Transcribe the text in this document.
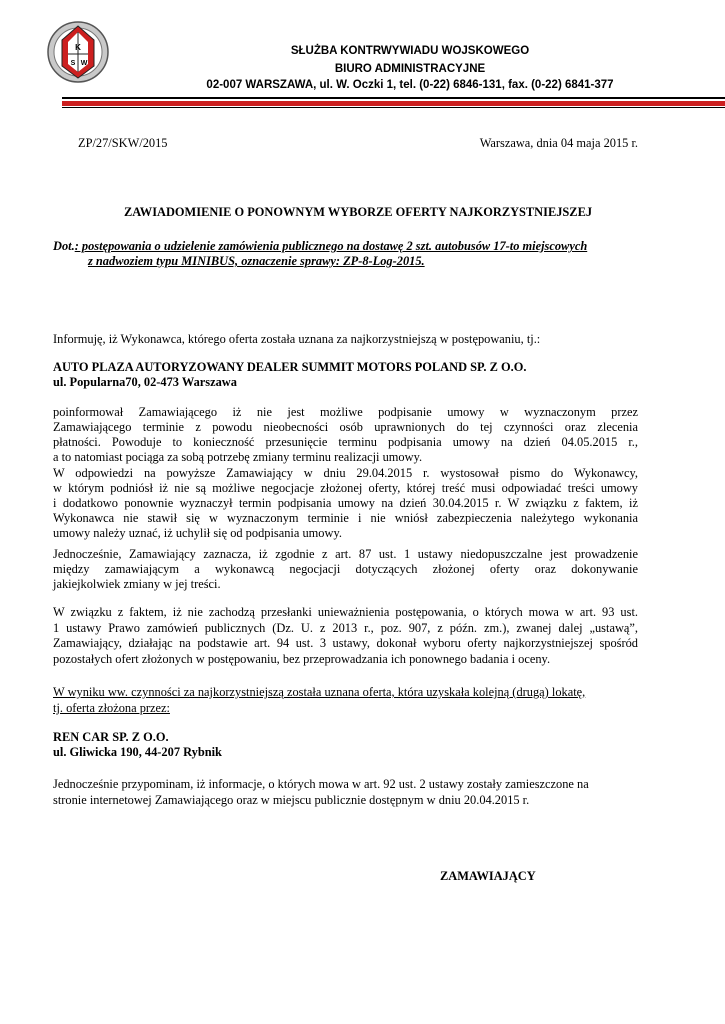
K
S W
SŁUŻBA KONTRWYWIADU WOJSKOWEGO
BIURO ADMINISTRACYJNE
02-007 WARSZAWA, ul. W. Oczki 1, tel. (0-22) 6846-131, fax. (0-22) 6841-377
ZP/27/SKW/2015	Warszawa, dnia 04 maja 2015 r.
ZAWIADOMIENIE O PONOWNYM WYBORZE OFERTY NAJKORZYSTNIEJSZEJ
Dot.: postępowania o udzielenie zamówienia publicznego na dostawę 2 szt. autobusów 17-to miejscowych
z nadwoziem typu MINIBUS, oznaczenie sprawy: ZP-8-Log-2015.
Informuję, iż Wykonawca, którego oferta została uznana za najkorzystniejszą w postępowaniu, tj.:
AUTO PLAZA AUTORYZOWANY DEALER SUMMIT MOTORS POLAND SP. Z O.O.
ul. Popularna70, 02-473 Warszawa
poinformował Zamawiającego iż nie jest możliwe podpisanie umowy w wyznaczonym przez
Zamawiającego terminie z powodu nieobecności osób uprawnionych do tej czynności oraz zlecenia
płatności. Powoduje to konieczność przesunięcie terminu podpisania umowy na dzień 04.05.2015 r.,
a to natomiast pociąga za sobą potrzebę zmiany terminu realizacji umowy.
W odpowiedzi na powyższe Zamawiający w dniu 29.04.2015 r. wystosował pismo do Wykonawcy,
w którym podniósł iż nie są możliwe negocjacje złożonej oferty, której treść musi odpowiadać treści umowy
i dodatkowo ponownie wyznaczył termin podpisania umowy na dzień 30.04.2015 r. W związku z faktem, iż
Wykonawca nie stawił się w wyznaczonym terminie i nie wniósł zabezpieczenia należytego wykonania
umowy należy uznać, iż uchylił się od podpisania umowy.
Jednocześnie, Zamawiający zaznacza, iż zgodnie z art. 87 ust. 1 ustawy niedopuszczalne jest prowadzenie
między zamawiającym a wykonawcą negocjacji dotyczących złożonej oferty oraz dokonywanie
jakiejkolwiek zmiany w jej treści.
W związku z faktem, iż nie zachodzą przesłanki unieważnienia postępowania, o których mowa w art. 93 ust.
1 ustawy Prawo zamówień publicznych (Dz. U. z 2013 r., poz. 907, z późn. zm.), zwanej dalej „ustawą”,
Zamawiający, działając na podstawie art. 94 ust. 3 ustawy, dokonał wyboru oferty najkorzystniejszej spośród
pozostałych ofert złożonych w postępowaniu, bez przeprowadzania ich ponownego badania i oceny.
W wyniku ww. czynności za najkorzystniejszą została uznana oferta, która uzyskała kolejną (drugą) lokatę,
tj. oferta złożona przez:
REN CAR SP. Z O.O.
ul. Gliwicka 190, 44-207 Rybnik
Jednocześnie przypominam, iż informacje, o których mowa w art. 92 ust. 2 ustawy zostały zamieszczone na
stronie internetowej Zamawiającego oraz w miejscu publicznie dostępnym w dniu 20.04.2015 r.
ZAMAWIAJĄCY
